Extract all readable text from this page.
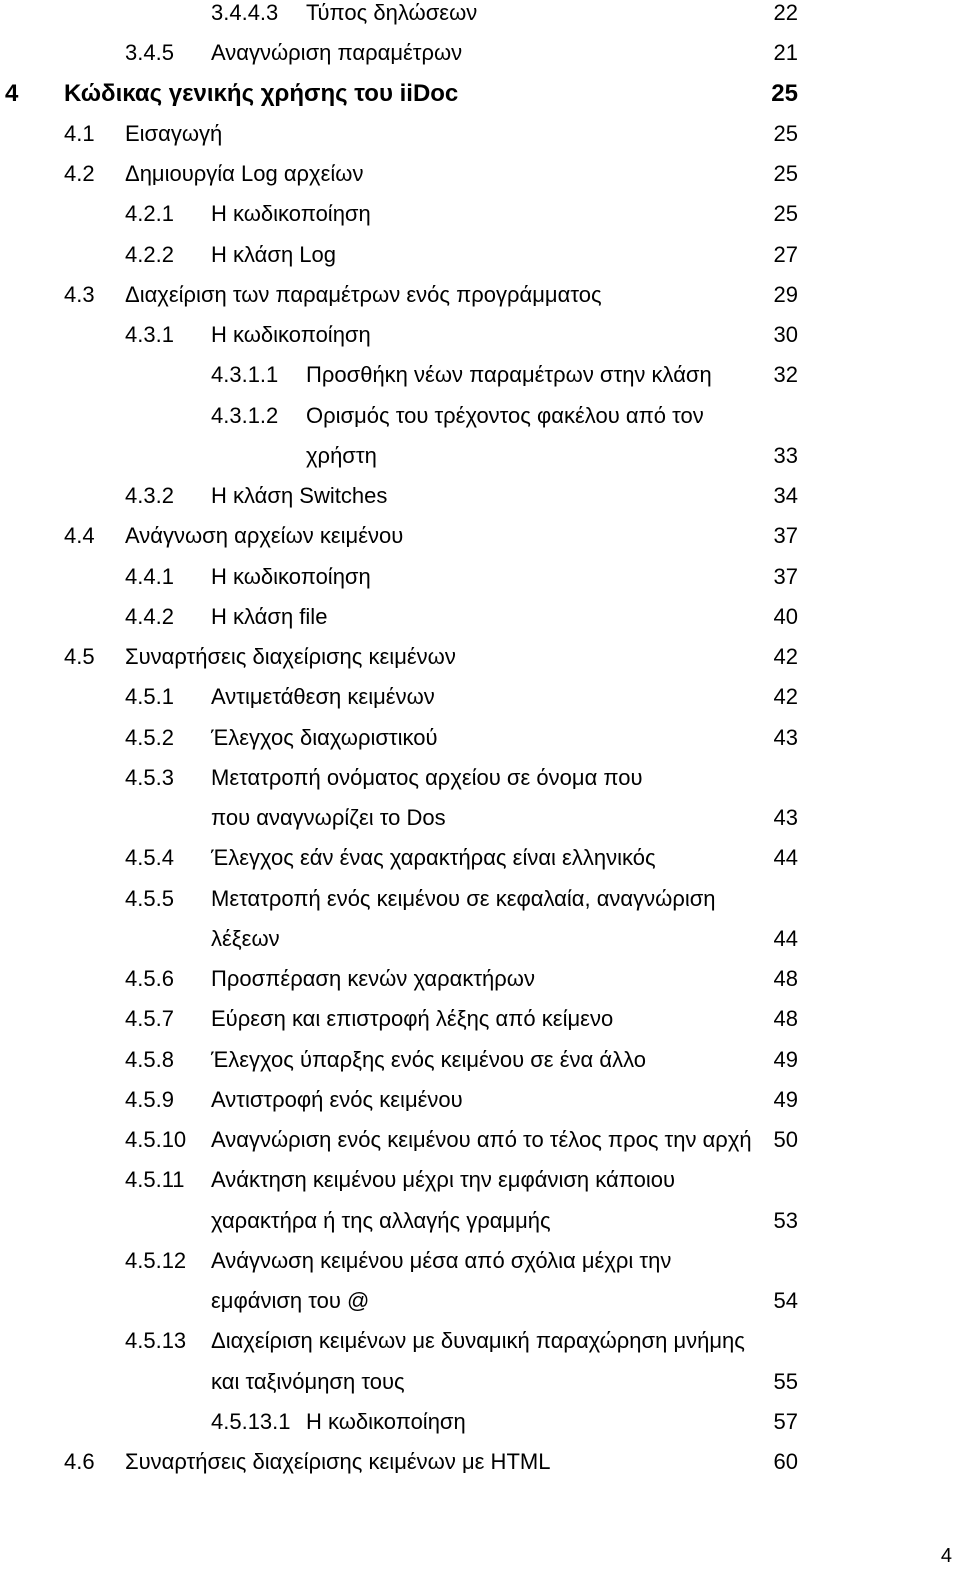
3.4.4.3 Τύπος δηλώσεων	22
3.4.5 Αναγνώριση παραμέτρων	21
4 Κώδικας γενικής χρήσης του iiDoc	25
4.1 Εισαγωγή	25
4.2 Δημιουργία Log αρχείων	25
4.2.1 Η κωδικοποίηση	25
4.2.2 Η κλάση Log	27
4.3 Διαχείριση των παραμέτρων ενός προγράμματος	29
4.3.1 Η κωδικοποίηση	30
4.3.1.1 Προσθήκη νέων παραμέτρων στην κλάση	32
4.3.1.2 Ορισμός του τρέχοντος φακέλου από τον
χρήστη	33
4.3.2 Η κλάση Switches	34
4.4 Ανάγνωση αρχείων κειμένου	37
4.4.1 Η κωδικοποίηση	37
4.4.2 Η κλάση file	40
4.5 Συναρτήσεις διαχείρισης κειμένων	42
4.5.1 Αντιμετάθεση κειμένων	42
4.5.2 Έλεγχος διαχωριστικού	43
4.5.3 Μετατροπή ονόματος αρχείου σε όνομα που
που αναγνωρίζει το Dos	43
4.5.4 Έλεγχος εάν ένας χαρακτήρας είναι ελληνικός	44
4.5.5 Μετατροπή ενός κειμένου σε κεφαλαία, αναγνώριση
λέξεων	44
4.5.6 Προσπέραση κενών χαρακτήρων	48
4.5.7 Εύρεση και επιστροφή λέξης από κείμενο	48
4.5.8 Έλεγχος ύπαρξης ενός κειμένου σε ένα άλλο	49
4.5.9 Αντιστροφή ενός κειμένου	49
4.5.10 Αναγνώριση ενός κειμένου από το τέλος προς την αρχή 50
4.5.11 Ανάκτηση κειμένου μέχρι την εμφάνιση κάποιου
χαρακτήρα ή της αλλαγής γραμμής	53
4.5.12 Ανάγνωση κειμένου μέσα από σχόλια μέχρι την
εμφάνιση του @	54
4.5.13 Διαχείριση κειμένων με δυναμική παραχώρηση μνήμης
και ταξινόμηση τους	55
4.5.13.1 Η κωδικοποίηση	57
4.6 Συναρτήσεις διαχείρισης κειμένων με HTML	60
4
